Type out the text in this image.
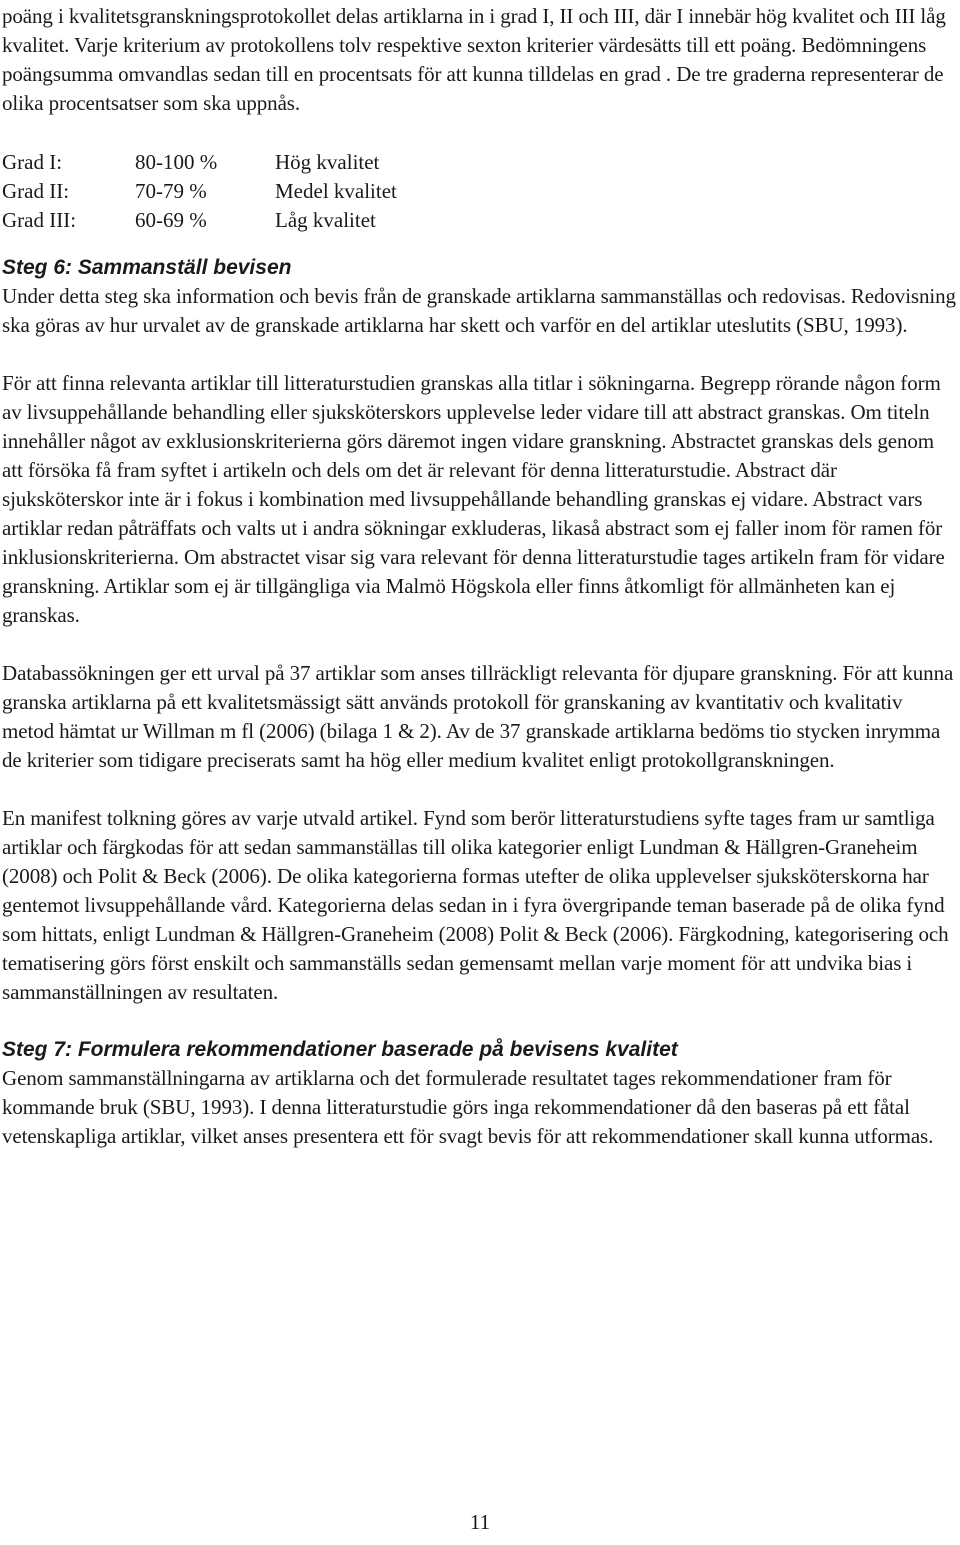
poäng i kvalitetsgranskningsprotokollet delas artiklarna in i grad I, II och III, där I innebär hög kvalitet och III låg kvalitet. Varje kriterium av protokollens tolv respektive sexton kriterier värdesätts till ett poäng. Bedömningens poängsumma omvandlas sedan till en procentsats för att kunna tilldelas en grad . De tre graderna representerar de olika procentsatser som ska uppnås.

Grad I:	80-100 %	Hög kvalitet
Grad II:	70-79 %	Medel kvalitet
Grad III:	60-69 %	Låg kvalitet
Steg 6: Sammanställ bevisen

Under detta steg ska information och bevis från de granskade artiklarna sammanställas och redovisas. Redovisning ska göras av hur urvalet av de granskade artiklarna har skett och varför en del artiklar uteslutits (SBU, 1993).

För att finna relevanta artiklar till litteraturstudien granskas alla titlar i sökningarna. Begrepp rörande någon form av livsuppehållande behandling eller sjuksköterskors upplevelse leder vidare till att abstract granskas. Om titeln innehåller något av exklusionskriterierna görs däremot ingen vidare granskning. Abstractet granskas dels genom att försöka få fram syftet i artikeln och dels om det är relevant för denna litteraturstudie. Abstract där sjuksköterskor inte är i fokus i kombination med livsuppehållande behandling granskas ej vidare. Abstract vars artiklar redan påträffats och valts ut i andra sökningar exkluderas, likaså abstract som ej faller inom för ramen för inklusionskriterierna. Om abstractet visar sig vara relevant för denna litteraturstudie tages artikeln fram för vidare granskning. Artiklar som ej är tillgängliga via Malmö Högskola eller finns åtkomligt för allmänheten kan ej granskas.

Databassökningen ger ett urval på 37 artiklar som anses tillräckligt relevanta för djupare granskning. För att kunna granska artiklarna på ett kvalitetsmässigt sätt används protokoll för granskaning av kvantitativ och kvalitativ metod hämtat ur Willman m fl (2006) (bilaga 1 & 2). Av de 37 granskade artiklarna bedöms tio stycken inrymma de kriterier som tidigare preciserats samt ha hög eller medium kvalitet enligt protokollgranskningen.

En manifest tolkning göres av varje utvald artikel. Fynd som berör litteraturstudiens syfte tages fram ur samtliga artiklar och färgkodas för att sedan sammanställas till olika kategorier enligt Lundman & Hällgren-Graneheim (2008) och Polit & Beck (2006). De olika kategorierna formas utefter de olika upplevelser sjuksköterskorna har gentemot livsuppehållande vård. Kategorierna delas sedan in i fyra övergripande teman baserade på de olika fynd som hittats, enligt Lundman & Hällgren-Graneheim (2008) Polit & Beck (2006). Färgkodning, kategorisering och tematisering görs först enskilt och sammanställs sedan gemensamt mellan varje moment för att undvika bias i sammanställningen av resultaten.

Steg 7: Formulera rekommendationer baserade på bevisens kvalitet

Genom sammanställningarna av artiklarna och det formulerade resultatet tages rekommendationer fram för kommande bruk (SBU, 1993). I denna litteraturstudie görs inga rekommendationer då den baseras på ett fåtal vetenskapliga artiklar, vilket anses presentera ett för svagt bevis för att rekommendationer skall kunna utformas.

11
